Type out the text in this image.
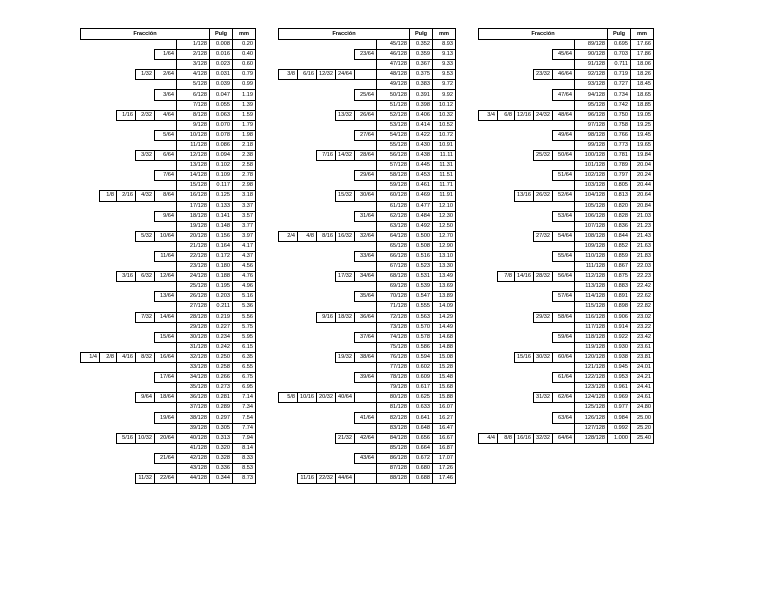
Fracción						Pulg	mm
					1/128	0.008	0.20
				1/64	2/128	0.016	0.40
					3/128	0.023	0.60
			1/32	2/64	4/128	0.031	0.79
					5/128	0.039	0.99
				3/64	6/128	0.047	1.19
					7/128	0.055	1.39
		1/16	2/32	4/64	8/128	0.063	1.59
					9/128	0.070	1.79
				5/64	10/128	0.078	1.98
					11/128	0.086	2.18
			3/32	6/64	12/128	0.094	2.38
					13/128	0.102	2.58
				7/64	14/128	0.109	2.78
					15/128	0.117	2.98
	1/8	2/16	4/32	8/64	16/128	0.125	3.18
					17/128	0.133	3.37
				9/64	18/128	0.141	3.57
					19/128	0.148	3.77
			5/32	10/64	20/128	0.156	3.97
					21/128	0.164	4.17
				11/64	22/128	0.172	4.37
					23/128	0.180	4.56
		3/16	6/32	12/64	24/128	0.188	4.76
					25/128	0.195	4.96
				13/64	26/128	0.203	5.16
					27/128	0.211	5.36
			7/32	14/64	28/128	0.219	5.56
					29/128	0.227	5.75
				15/64	30/128	0.234	5.95
					31/128	0.242	6.15
1/4	2/8	4/16	8/32	16/64	32/128	0.250	6.35
					33/128	0.258	6.55
				17/64	34/128	0.266	6.75
					35/128	0.273	6.95
			9/64	18/64	36/128	0.281	7.14
					37/128	0.289	7.34
				19/64	38/128	0.297	7.54
					39/128	0.305	7.74
		5/16	10/32	20/64	40/128	0.313	7.94
					41/128	0.320	8.14
				21/64	42/128	0.328	8.33
					43/128	0.336	8.53
			11/32	22/64	44/128	0.344	8.73
Fracción						Pulg	mm
					45/128	0.352	8.93
				23/64	46/128	0.359	9.13
					47/128	0.367	9.33
3/8	6/16	12/32	24/64		48/128	0.375	9.53
					49/128	0.383	9.72
				25/64	50/128	0.391	9.92
					51/128	0.398	10.12
			13/32	26/64	52/128	0.406	10.32
					53/128	0.414	10.52
				27/64	54/128	0.422	10.72
					55/128	0.430	10.91
		7/16	14/32	28/64	56/128	0.438	11.11
					57/128	0.445	11.31
				29/64	58/128	0.453	11.51
					59/128	0.461	11.71
			15/32	30/64	60/128	0.469	11.91
					61/128	0.477	12.10
				31/64	62/128	0.484	12.30
					63/128	0.492	12.50
2/4	4/8	8/16	16/32	32/64	64/128	0.500	12.70
					65/128	0.508	12.90
				33/64	66/128	0.516	13.10
					67/128	0.523	13.30
			17/32	34/64	68/128	0.531	13.49
					69/128	0.539	13.69
				35/64	70/128	0.547	13.89
					71/128	0.555	14.09
		9/16	18/32	36/64	72/128	0.563	14.29
					73/128	0.570	14.49
				37/64	74/128	0.578	14.68
					75/128	0.586	14.88
			19/32	38/64	76/128	0.594	15.08
					77/128	0.602	15.28
				39/64	78/128	0.609	15.48
					79/128	0.617	15.68
5/8	10/16	20/32	40/64		80/128	0.625	15.88
					81/128	0.633	16.07
				41/64	82/128	0.641	16.27
					83/128	0.648	16.47
			21/32	42/64	84/128	0.656	16.67
					85/128	0.664	16.87
				43/64	86/128	0.672	17.07
					87/128	0.680	17.26
	11/16	22/32	44/64		88/128	0.688	17.46
Fracción						Pulg	mm
					89/128	0.695	17.66
				45/64	90/128	0.703	17.86
					91/128	0.711	18.06
			23/32	46/64	92/128	0.719	18.26
					93/128	0.727	18.45
				47/64	94/128	0.734	18.65
					95/128	0.742	18.85
3/4	6/8	12/16	24/32	48/64	96/128	0.750	19.05
					97/128	0.758	19.25
				49/64	98/128	0.766	19.45
					99/128	0.773	19.65
			25/32	50/64	100/128	0.781	19.84
					101/128	0.789	20.04
				51/64	102/128	0.797	20.24
					103/128	0.805	20.44
		13/16	26/32	52/64	104/128	0.813	20.64
					105/128	0.820	20.84
				53/64	106/128	0.828	21.03
					107/128	0.836	21.23
			27/32	54/64	108/128	0.844	21.43
					109/128	0.852	21.63
				55/64	110/128	0.859	21.83
					111/128	0.867	22.03
	7/8	14/16	28/32	56/64	112/128	0.875	22.23
					113/128	0.883	22.42
				57/64	114/128	0.891	22.62
					115/128	0.898	22.82
			29/32	58/64	116/128	0.906	23.02
					117/128	0.914	23.22
				59/64	118/128	0.922	23.42
					119/128	0.930	23.61
		15/16	30/32	60/64	120/128	0.938	23.81
					121/128	0.945	24.01
				61/64	122/128	0.953	24.21
					123/128	0.961	24.41
			31/32	62/64	124/128	0.969	24.61
					125/128	0.977	24.80
				63/64	126/128	0.984	25.00
					127/128	0.992	25.20
4/4	8/8	16/16	32/32	64/64	128/128	1.000	25.40
